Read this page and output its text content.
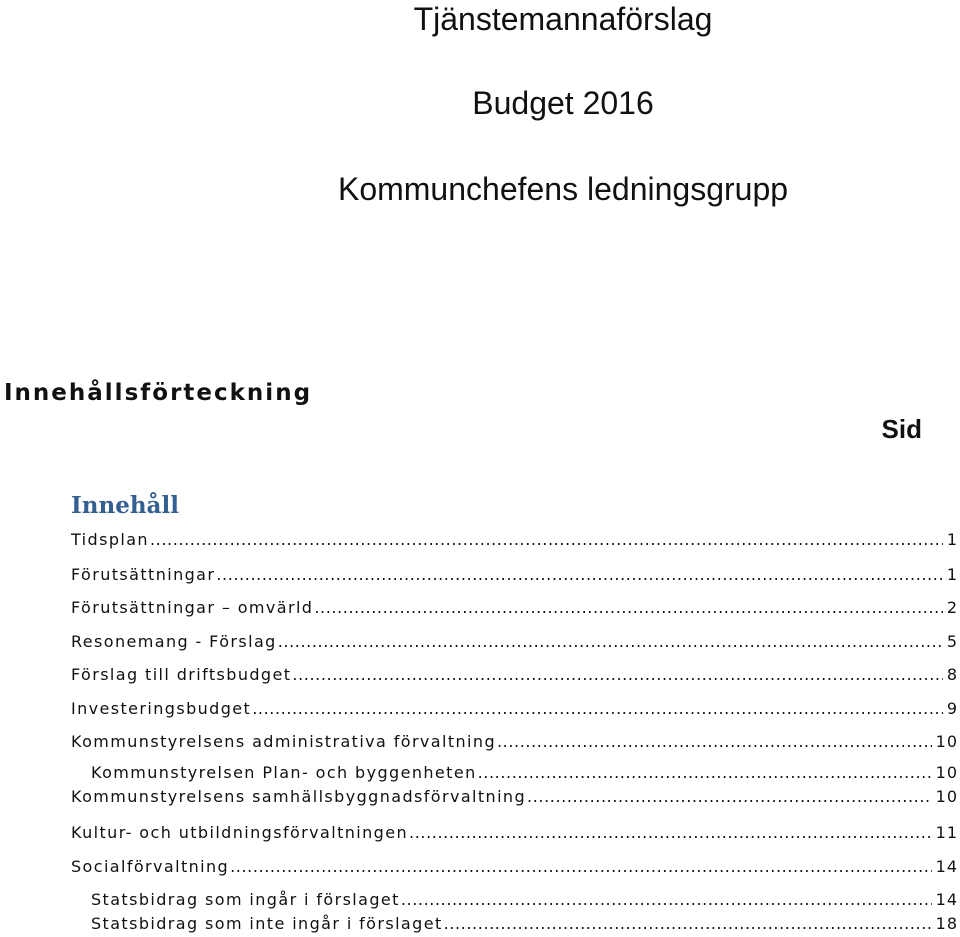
Tjänstemannaförslag
Budget 2016
Kommunchefens ledningsgrupp
Innehållsförteckning
Sid
Innehåll
Tidsplan .....	1
Förutsättningar .....	1
Förutsättningar – omvärld .....	2
Resonemang - Förslag .....	5
Förslag till driftsbudget .....	8
Investeringsbudget .....	9
Kommunstyrelsens administrativa förvaltning .....	10
Kommunstyrelsen Plan- och byggenheten .....	10
Kommunstyrelsens samhällsbyggnadsförvaltning .....	10
Kultur- och utbildningsförvaltningen .....	11
Socialförvaltning .....	14
Statsbidrag som ingår i förslaget .....	14
Statsbidrag som inte ingår i förslaget .....	18
